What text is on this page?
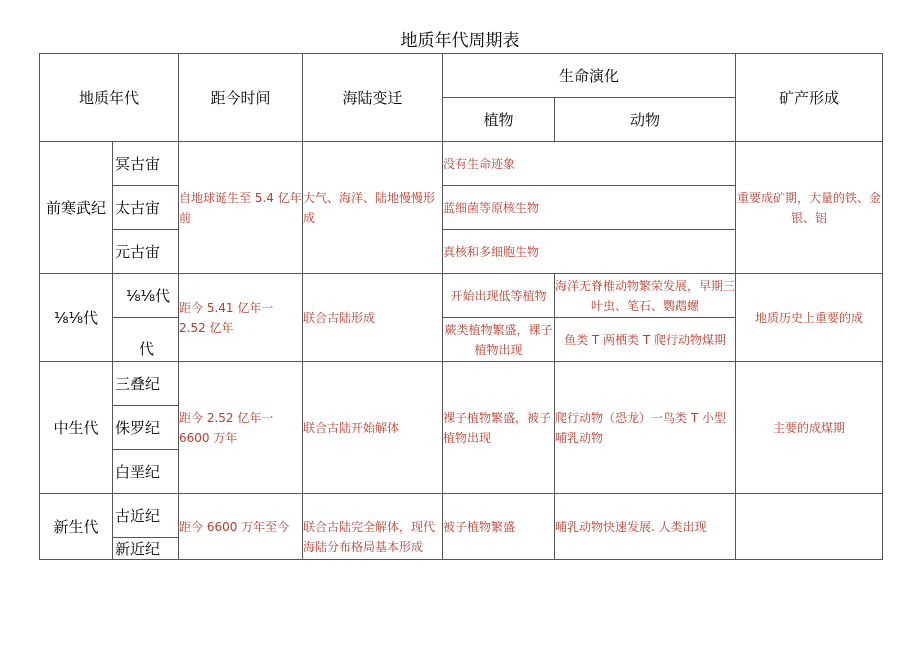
地质年代周期表
地质年代		距今时间	海陆变迁	生命演化		矿产形成
				植物	动物	
前寒武纪	冥古宙	自地球诞生至 5.4 亿年前	大气、海洋、陆地慢慢形成	没有生命迹象		重要成矿期，大量的铁、金银、铝
	太古宙			蓝细菌等原核生物		
	元古宙			真核和多细胞生物		
⅛⅛代	⅛⅛代	距今 5.41 亿年一 2.52 亿年	联合古陆形成	开始出现低等植物	海洋无脊椎动物繁荣发展，早期三叶虫、笔石、鹦鹉螺	地质历史上重要的成
	代			蕨类植物繁盛，裸子植物出现	鱼类 T 两栖类 T 爬行动物煤期	
中生代	三叠纪	距今 2.52 亿年一 6600 万年	联合古陆开始解体	裸子植物繁盛，被子植物出现	爬行动物（恐龙）一鸟类 T 小型哺乳动物	主要的成煤期
	侏罗纪					
	白垩纪					
新生代	古近纪	距今 6600 万年至今	联合古陆完全解体，现代海陆分布格局基本形成	被子植物繁盛	哺乳动物快速发展. 人类出现	
	新近纪					
